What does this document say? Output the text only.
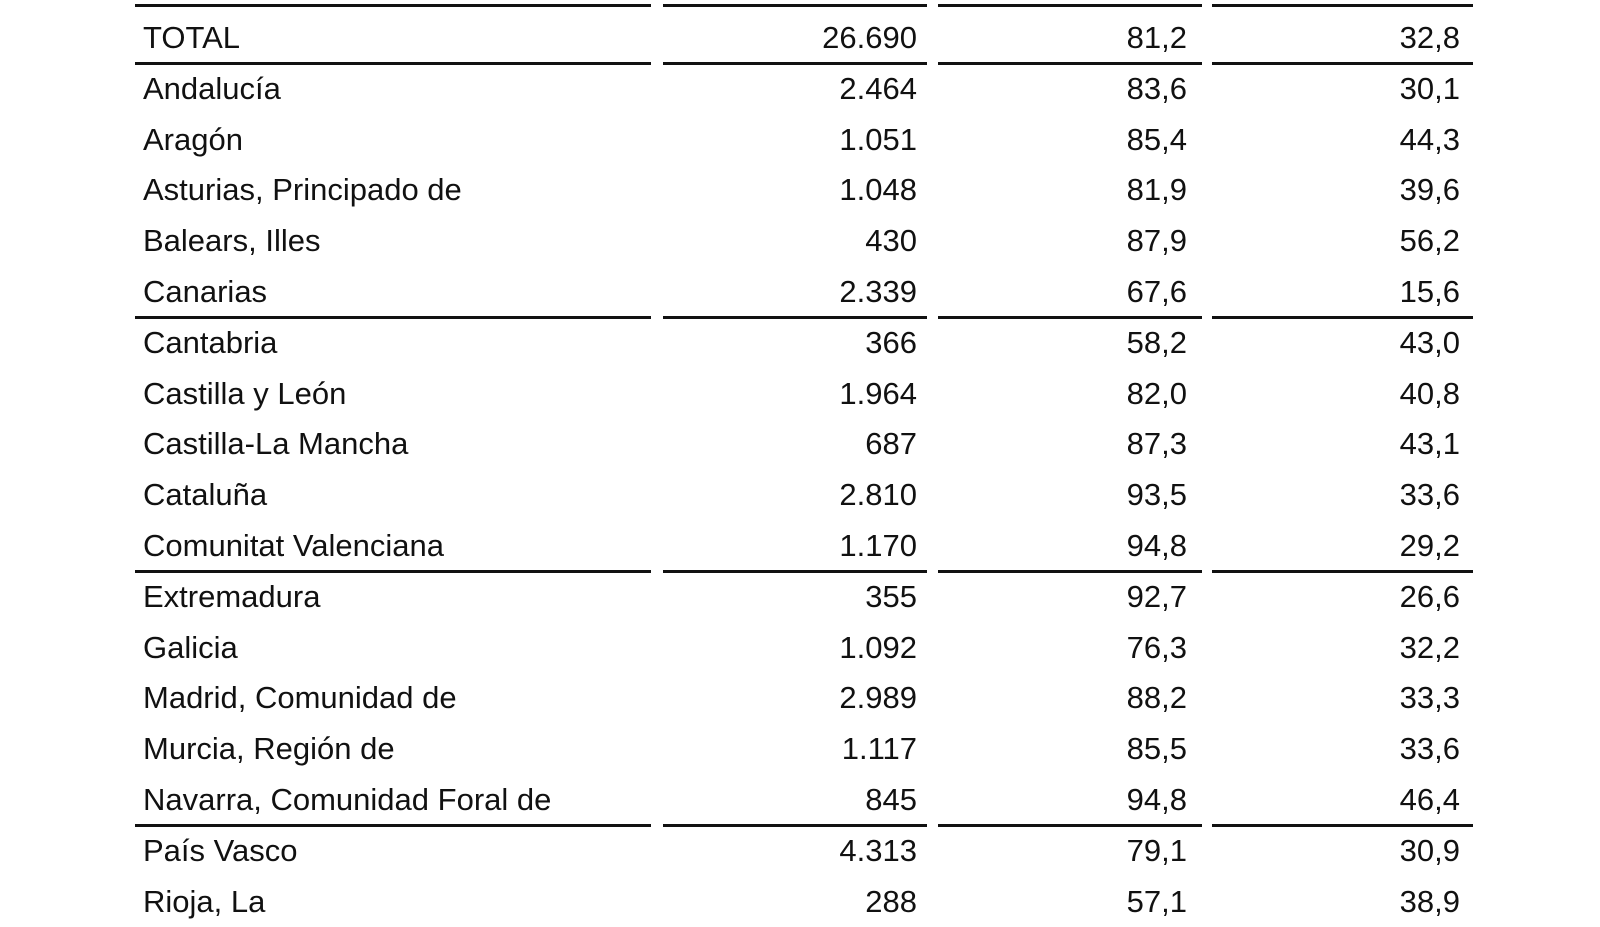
TOTAL	26.690	81,2	32,8
Andalucía	2.464	83,6	30,1
Aragón	1.051	85,4	44,3
Asturias, Principado de	1.048	81,9	39,6
Balears, Illes	430	87,9	56,2
Canarias	2.339	67,6	15,6
Cantabria	366	58,2	43,0
Castilla y León	1.964	82,0	40,8
Castilla-La Mancha	687	87,3	43,1
Cataluña	2.810	93,5	33,6
Comunitat Valenciana	1.170	94,8	29,2
Extremadura	355	92,7	26,6
Galicia	1.092	76,3	32,2
Madrid, Comunidad de	2.989	88,2	33,3
Murcia, Región de	1.117	85,5	33,6
Navarra, Comunidad Foral de	845	94,8	46,4
País Vasco	4.313	79,1	30,9
Rioja, La	288	57,1	38,9
